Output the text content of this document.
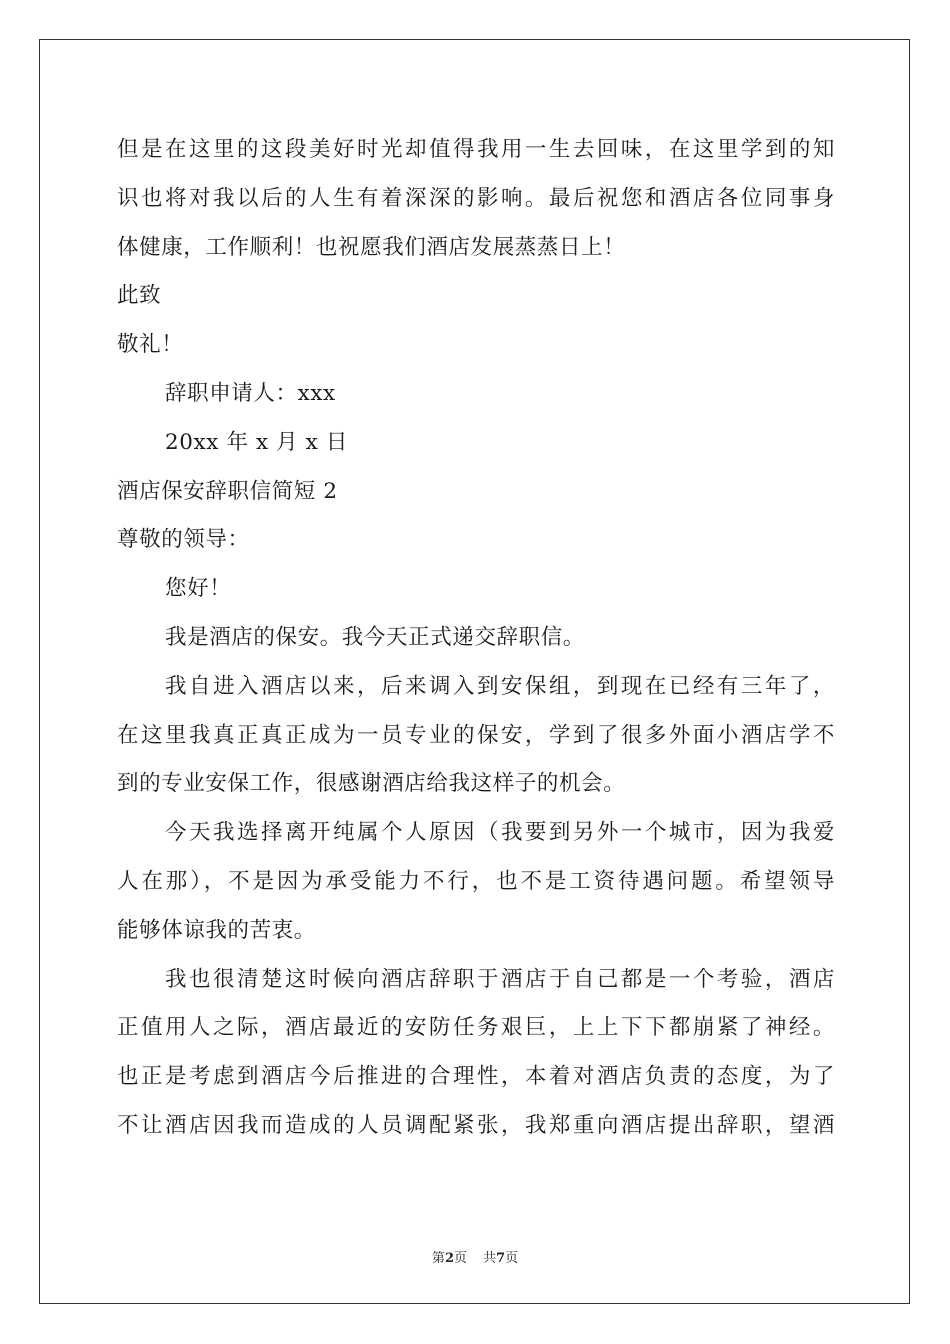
但是在这里的这段美好时光却值得我用一生去回味，在这里学到的知
识也将对我以后的人生有着深深的影响。最后祝您和酒店各位同事身
体健康，工作顺利！也祝愿我们酒店发展蒸蒸日上！
此致
敬礼！
辞职申请人：xxx
20xx 年 x 月 x 日
酒店保安辞职信简短 2
尊敬的领导：
您好！
我是酒店的保安。我今天正式递交辞职信。
我自进入酒店以来，后来调入到安保组，到现在已经有三年了，
在这里我真正真正成为一员专业的保安，学到了很多外面小酒店学不
到的专业安保工作，很感谢酒店给我这样子的机会。
今天我选择离开纯属个人原因（我要到另外一个城市，因为我爱
人在那），不是因为承受能力不行，也不是工资待遇问题。希望领导
能够体谅我的苦衷。
我也很清楚这时候向酒店辞职于酒店于自己都是一个考验，酒店
正值用人之际，酒店最近的安防任务艰巨，上上下下都崩紧了神经。
也正是考虑到酒店今后推进的合理性，本着对酒店负责的态度，为了
不让酒店因我而造成的人员调配紧张，我郑重向酒店提出辞职，望酒
第2页 共7页
